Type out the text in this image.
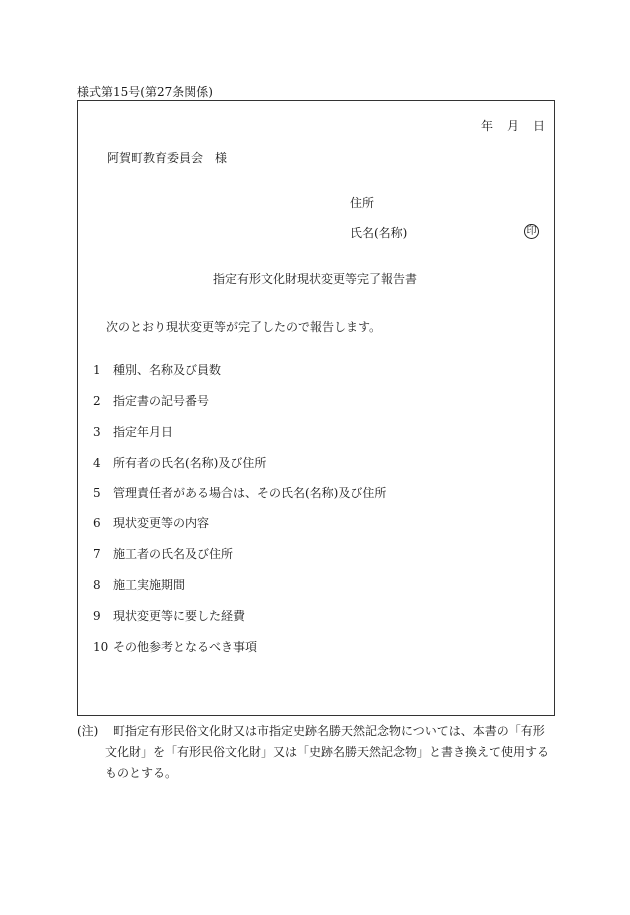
様式第15号(第27条関係)
年 月 日
阿賀町教育委員会　様
住所
氏名(名称)	印
指定有形文化財現状変更等完了報告書
次のとおり現状変更等が完了したので報告します。
1 種別、名称及び員数
2 指定書の記号番号
3 指定年月日
4 所有者の氏名(名称)及び住所
5 管理責任者がある場合は、その氏名(名称)及び住所
6 現状変更等の内容
7 施工者の氏名及び住所
8 施工実施期間
9 現状変更等に要した経費
10 その他参考となるべき事項
(注)	町指定有形民俗文化財又は市指定史跡名勝天然記念物については、本書の「有形文化財」を「有形民俗文化財」又は「史跡名勝天然記念物」と書き換えて使用するものとする。
